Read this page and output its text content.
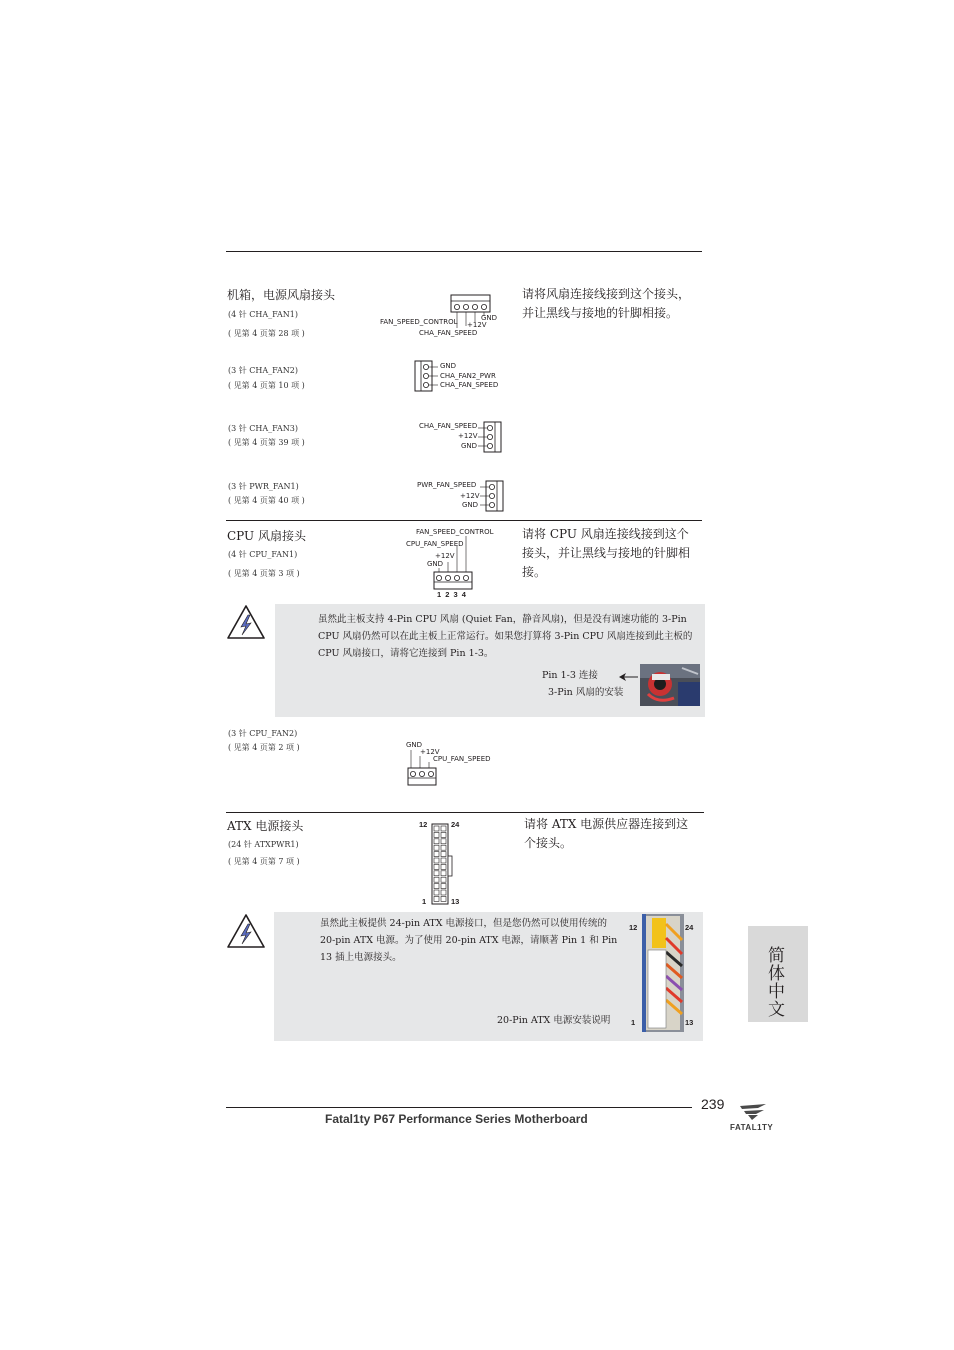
机箱，电源风扇接头
(4 针 CHA_FAN1)
( 见第 4 页第 28 项 )
请将风扇连接线接到这个接头，并让黑线与接地的针脚相接。
GND
+12V
FAN_SPEED_CONTROL
CHA_FAN_SPEED
(3 针 CHA_FAN2)
( 见第 4 页第 10 项 )
GND
CHA_FAN2_PWR
CHA_FAN_SPEED
(3 针 CHA_FAN3)
( 见第 4 页第 39 项 )
CHA_FAN_SPEED
+12V
GND
(3 针 PWR_FAN1)
( 见第 4 页第 40 项 )
PWR_FAN_SPEED
+12V
GND
CPU 风扇接头
(4 针 CPU_FAN1)
( 见第 4 页第 3 项 )
请将 CPU 风扇连接线接到这个接头，并让黑线与接地的针脚相接。
FAN_SPEED_CONTROL
CPU_FAN_SPEED
+12V
GND
1 2 3 4
虽然此主板支持 4-Pin CPU 风扇 (Quiet Fan，静音风扇)，但是没有调速功能的 3-Pin CPU 风扇仍然可以在此主板上正常运行。如果您打算将 3-Pin CPU 风扇连接到此主板的 CPU 风扇接口，请将它连接到 Pin 1-3。
Pin 1-3 连接
3-Pin 风扇的安装
(3 针 CPU_FAN2)
( 见第 4 页第 2 项 )	GND
+12V
CPU_FAN_SPEED
ATX 电源接头
(24 针 ATXPWR1)
( 见第 4 页第 7 项 )
请将 ATX 电源供应器连接到这个接头。
12	24
1	13
虽然此主板提供 24-pin ATX 电源接口，但是您仍然可以使用传统的 20-pin ATX 电源。为了使用 20-pin ATX 电源，请顺著 Pin 1 和 Pin 13 插上电源接头。
20-Pin ATX 电源安装说明
12	24
1	13
简体中文
239
Fatal1ty P67 Performance Series Motherboard
FATAL1TY
